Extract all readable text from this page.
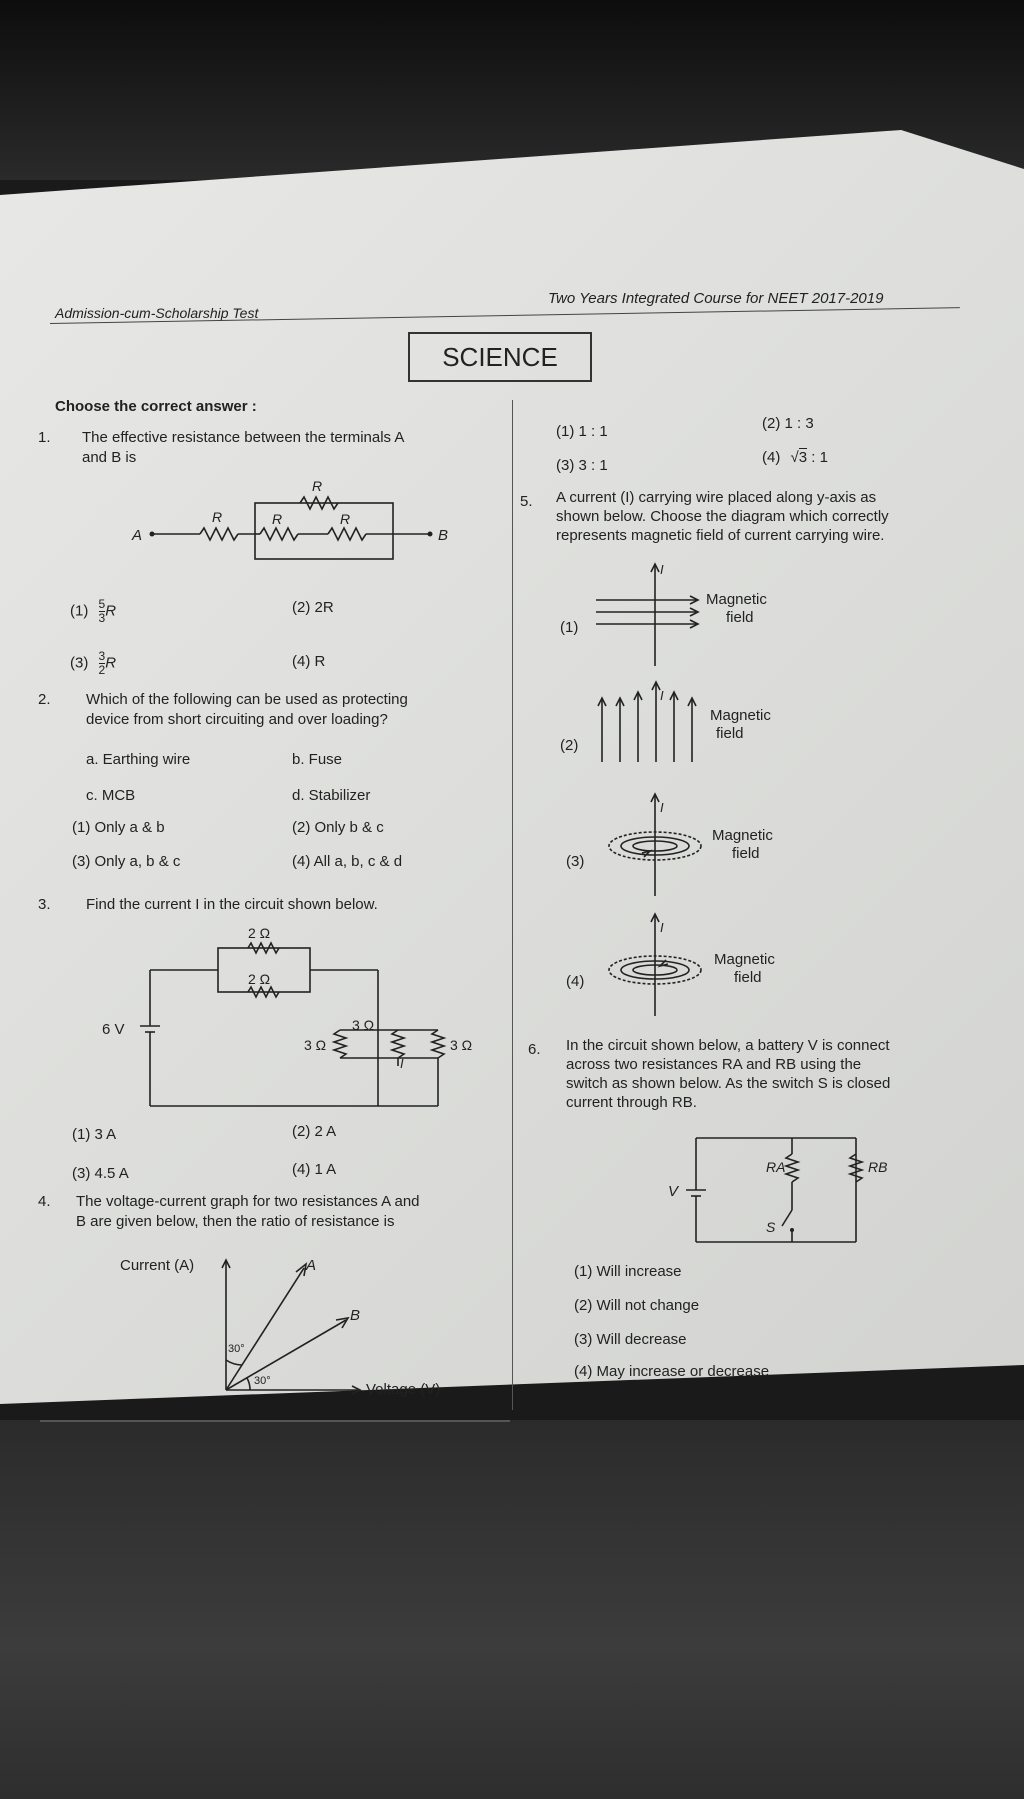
Admission-cum-Scholarship Test
Two Years Integrated Course for NEET 2017-2019
SCIENCE
Choose the correct answer :
1. The effective resistance between the terminals A
and B is
A	B
R
R
R	R
$(1) \frac{5}{3}$ R	(2) 2R
$(3) \frac{3}{2}$ R	(4) R
2. Which of the following can be used as protecting
device from short circuiting and over loading?
a. Earthing wire	b. Fuse
c. MCB	d. Stabilizer
(1) Only a & b	(2) Only b & c
(3) Only a, b & c	(4) All a, b, c & d
3. Find the current I in the circuit shown below.
2 Ω
2 Ω
3 Ω
3 Ω
3 Ω
6 V
I
(1) 3 A	(2) 2 A
(3) 4.5 A	(4) 1 A
4. The voltage-current graph for two resistances A and
B are given below, then the ratio of resistance is
Current (A)
Voltage (V)
A
B
30°
30°
(1) 1 : 1	(2) 1 : 3
(3) 3 : 1	(4) √3 : 1
5. A current (I) carrying wire placed along y-axis as
shown below. Choose the diagram which correctly
represents magnetic field of current carrying wire.
(1)
I
Magnetic
field
(2)
I
Magnetic
field
(3)
I
Magnetic
field
(4)
I
Magnetic
field
6. In the circuit shown below, a battery V is connect
across two resistances RA and RB using the
switch as shown below. As the switch S is closed
current through RB.
V
RA	RB
S
(1) Will increase
(2) Will not change
(3) Will decrease
(4) May increase or decrease
